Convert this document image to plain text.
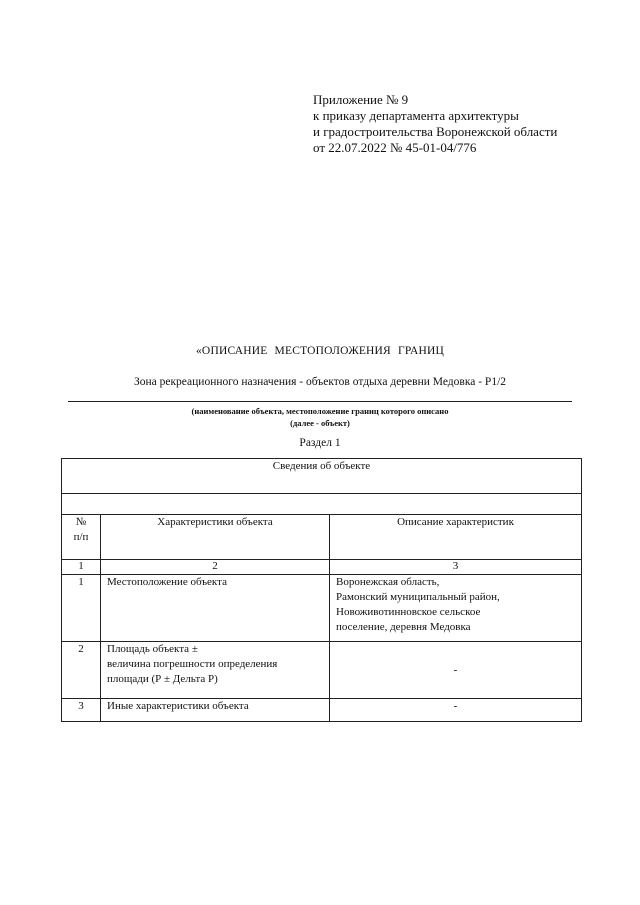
Приложение № 9
к приказу департамента архитектуры
и градостроительства Воронежской области
от 22.07.2022 № 45-01-04/776
«ОПИСАНИЕ МЕСТОПОЛОЖЕНИЯ ГРАНИЦ
Зона рекреационного назначения - объектов отдыха деревни Медовка - Р1/2
(наименование объекта, местоположение границ которого описано
(далее - объект)
Раздел 1
Сведения об объекте		

№
п/п	Характеристики объекта	Описание характеристик
1	2	3
1	Местоположение объекта	Воронежская область,
Рамонский муниципальный район,
Новоживотинновское сельское
поселение, деревня Медовка

2	Площадь объекта ±
величина погрешности определения
площади (Р ± Дельта Р)	-
3	Иные характеристики объекта	-
